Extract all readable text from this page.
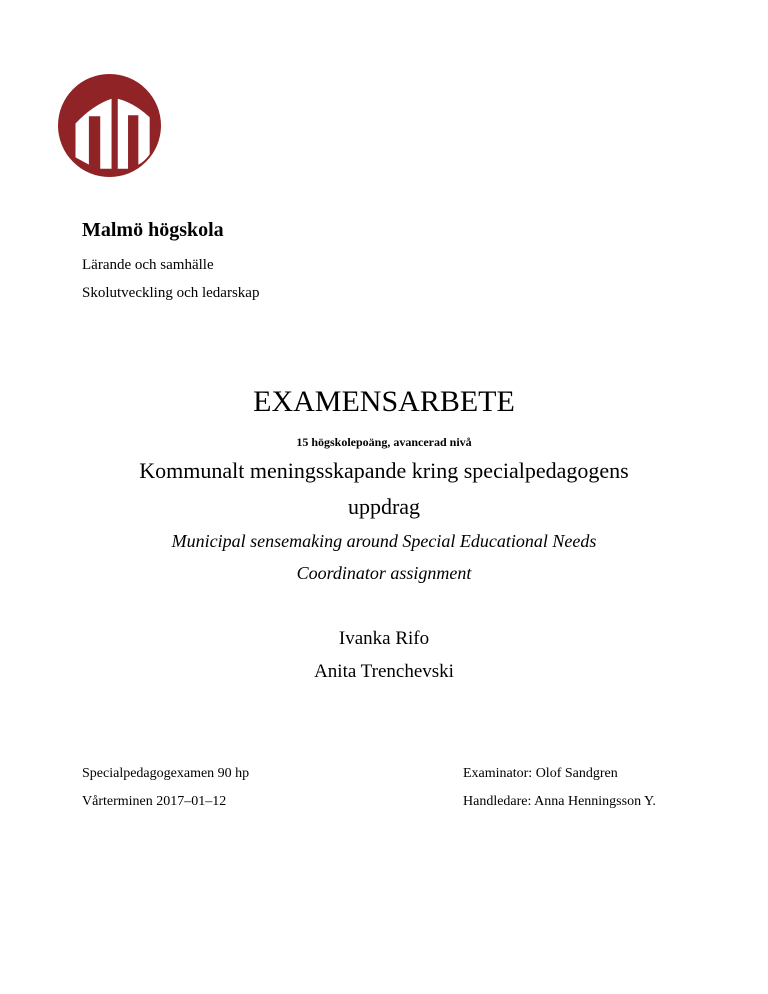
Malmö högskola
Lärande och samhälle
Skolutveckling och ledarskap
EXAMENSARBETE
15 högskolepoäng, avancerad nivå
Kommunalt meningsskapande kring specialpedagogens
uppdrag
Municipal sensemaking around Special Educational Needs
Coordinator assignment
Ivanka Rifo
Anita Trenchevski
Specialpedagogexamen 90 hp
Vårterminen 2017–01–12
Examinator: Olof Sandgren
Handledare: Anna Henningsson Y.
